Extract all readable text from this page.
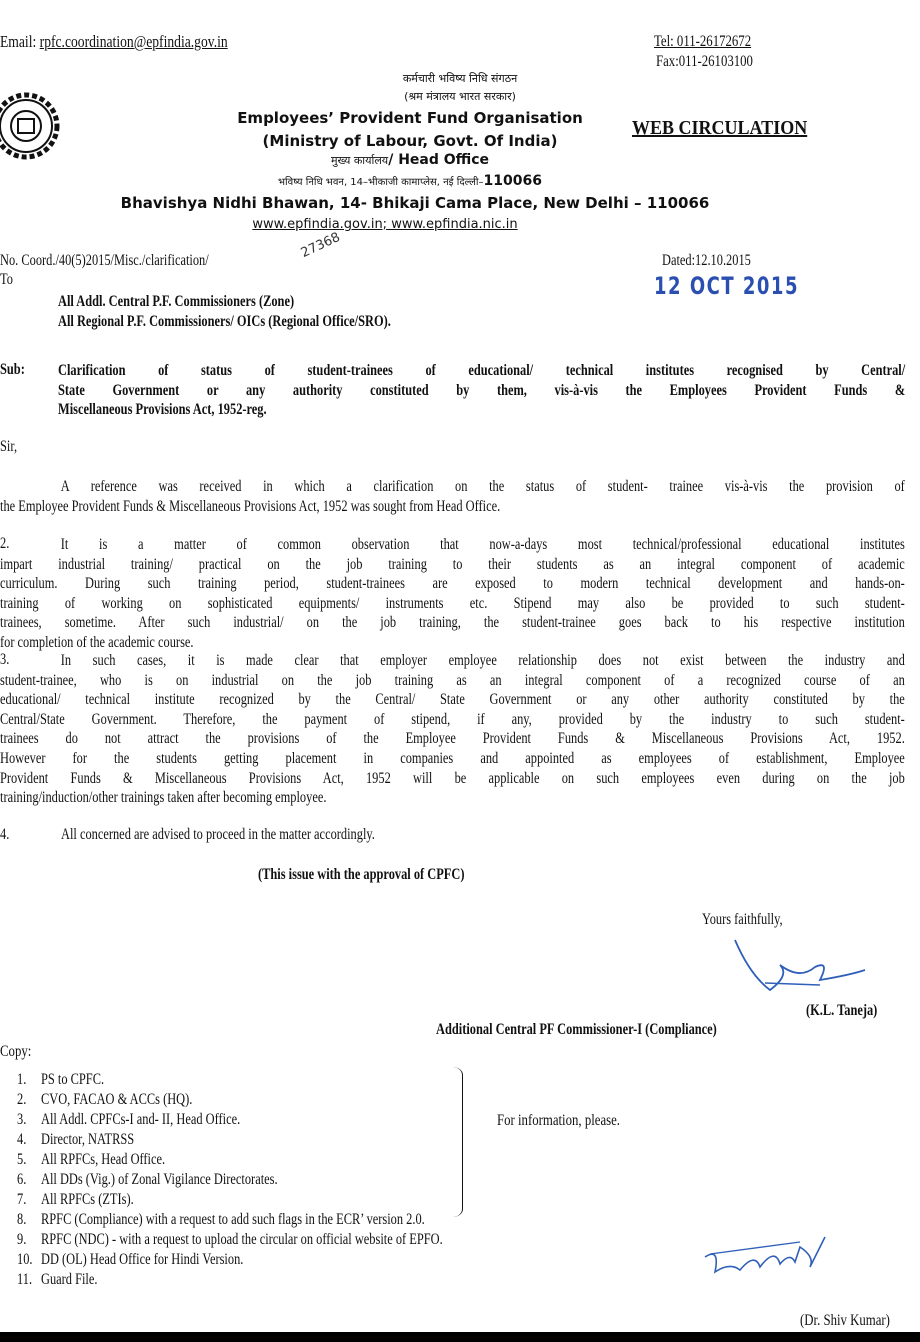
Email: rpfc.coordination@epfindia.gov.in	Tel: 011-26172672
Fax:011-26103100
कर्मचारी भविष्य निधि संगठन
(श्रम मंत्रालय भारत सरकार)
Employees’ Provident Fund Organisation
(Ministry of Labour, Govt. Of India)
मुख्य कार्यालय/ Head Office
भविष्य निधि भवन, 14–भीकाजी कामाप्लेस, नई दिल्ली–110066
Bhavishya Nidhi Bhawan, 14- Bhikaji Cama Place, New Delhi – 110066
www.epfindia.gov.in; www.epfindia.nic.in
WEB CIRCULATION
No. Coord./40(5)2015/Misc./clarification/	27368	Dated:12.10.2015
12 OCT 2015
To
All Addl. Central P.F. Commissioners (Zone)
All Regional P.F. Commissioners/ OICs (Regional Office/SRO).
Sub: Clarification of status of student-trainees of educational/ technical institutes recognised by Central/
State Government or any authority constituted by them, vis-à-vis the Employees Provident Funds &
Miscellaneous Provisions Act, 1952-reg.
Sir,
A reference was received in which a clarification on the status of student- trainee vis-à-vis the provision of
the Employee Provident Funds & Miscellaneous Provisions Act, 1952 was sought from Head Office.
2.	It is a matter of common observation that now-a-days most technical/professional educational institutes
impart industrial training/ practical on the job training to their students as an integral component of academic
curriculum. During such training period, student-trainees are exposed to modern technical development and hands-on-
training of working on sophisticated equipments/ instruments etc. Stipend may also be provided to such student-
trainees, sometime. After such industrial/ on the job training, the student-trainee goes back to his respective institution
for completion of the academic course.
3.	In such cases, it is made clear that employer employee relationship does not exist between the industry and
student-trainee, who is on industrial on the job training as an integral component of a recognized course of an
educational/ technical institute recognized by the Central/ State Government or any other authority constituted by the
Central/State Government. Therefore, the payment of stipend, if any, provided by the industry to such student-
trainees do not attract the provisions of the Employee Provident Funds & Miscellaneous Provisions Act, 1952.
However for the students getting placement in companies and appointed as employees of establishment, Employee
Provident Funds & Miscellaneous Provisions Act, 1952 will be applicable on such employees even during on the job
training/induction/other trainings taken after becoming employee.
4.	All concerned are advised to proceed in the matter accordingly.
(This issue with the approval of CPFC)
Yours faithfully,
(K.L. Taneja)
Additional Central PF Commissioner-I (Compliance)
Copy:
1. PS to CPFC.
2. CVO, FACAO & ACCs (HQ).
3. All Addl. CPFCs-I and- II, Head Office.
4. Director, NATRSS
5. All RPFCs, Head Office.
6. All DDs (Vig.) of Zonal Vigilance Directorates.
7. All RPFCs (ZTIs).
8. RPFC (Compliance) with a request to add such flags in the ECR’ version 2.0.
9. RPFC (NDC) - with a request to upload the circular on official website of EPFO.
10. DD (OL) Head Office for Hindi Version.
11. Guard File.
For information, please.
(Dr. Shiv Kumar)
